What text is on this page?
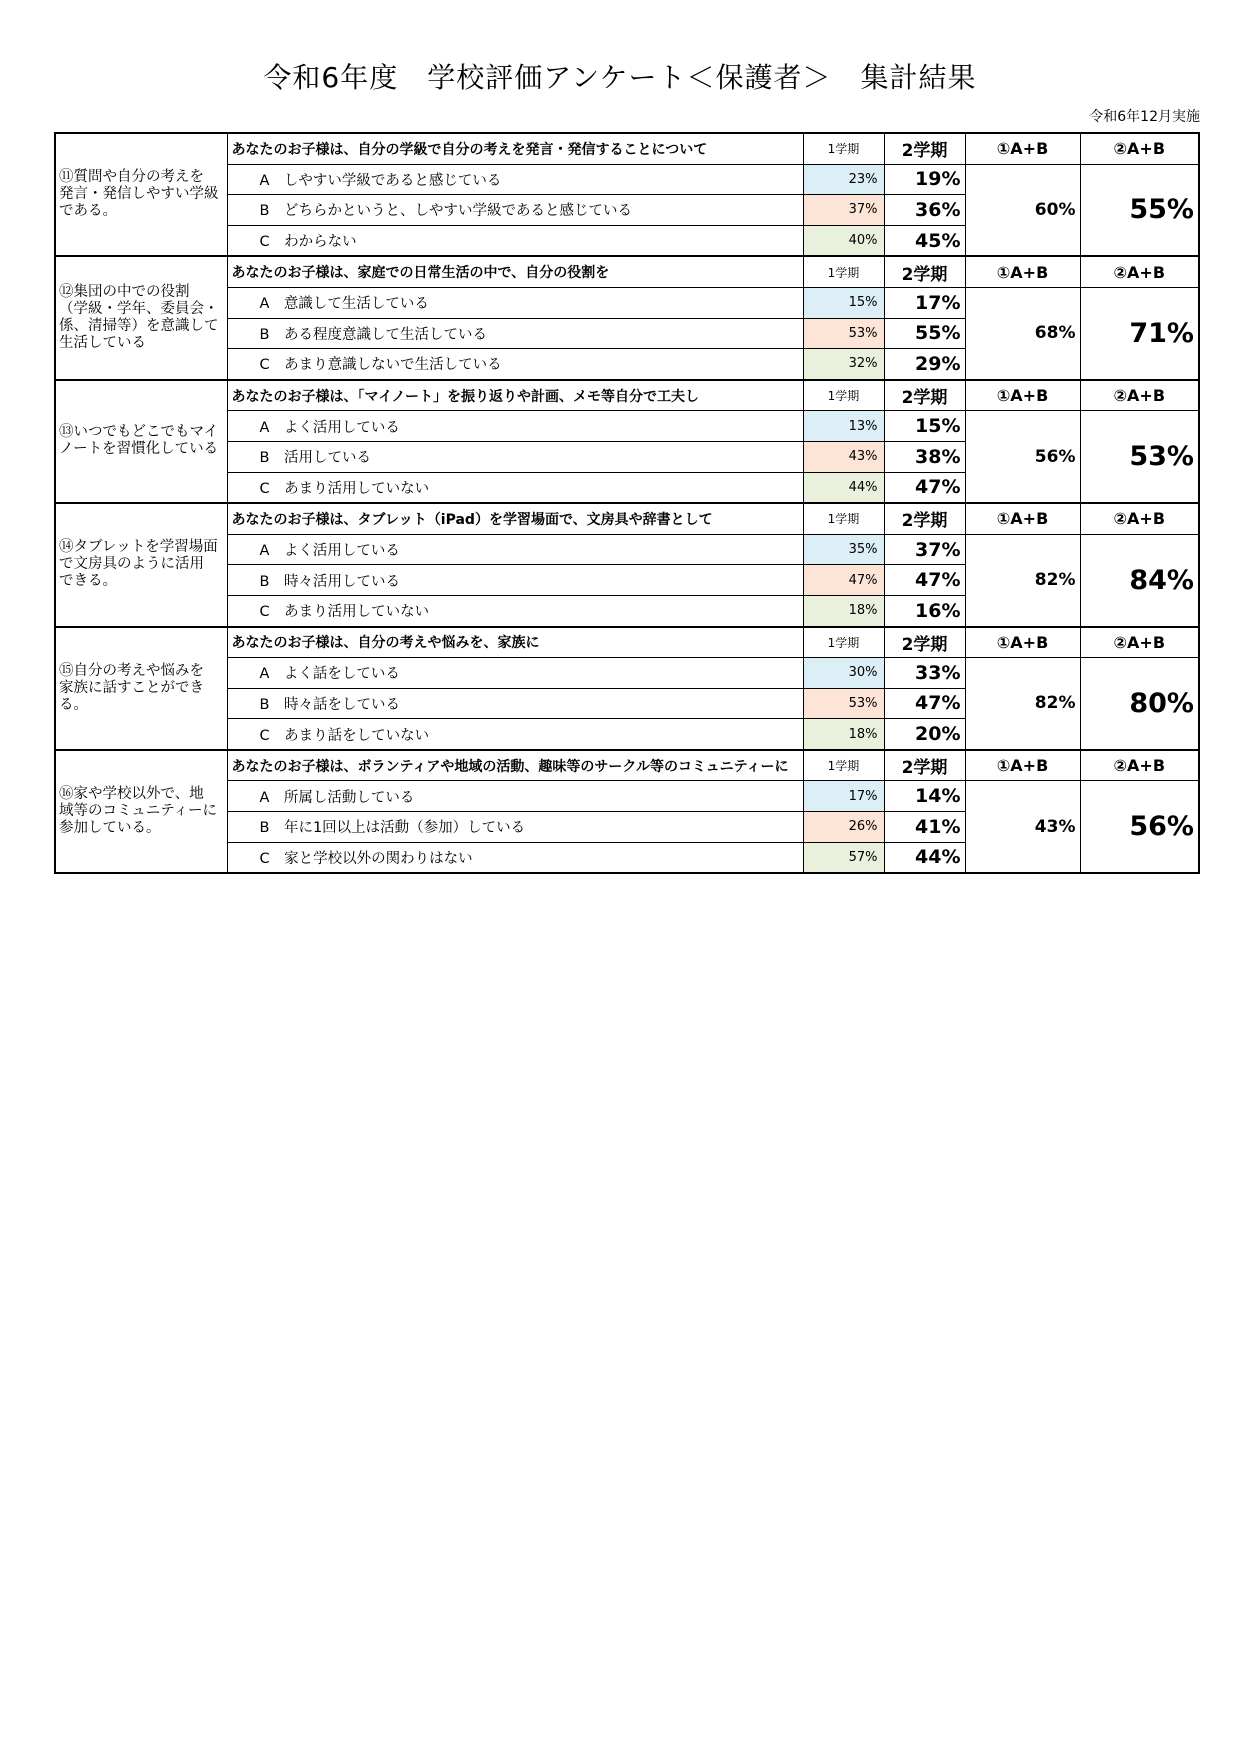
令和6年度　学校評価アンケート＜保護者＞　集計結果
令和6年12月実施
⑪質問や自分の考えを
発言・発信しやすい学級
である。	あなたのお子様は、自分の学級で自分の考えを発言・発信することについて	1学期	2学期	①A+B	②A+B
	A　しやすい学級であると感じている	23%	19%	60%	55%
	B　どちらかというと、しやすい学級であると感じている	37%	36%		
	C　わからない	40%	45%		
⑫集団の中での役割
（学級・学年、委員会・
係、清掃等）を意識して
生活している	あなたのお子様は、家庭での日常生活の中で、自分の役割を	1学期	2学期	①A+B	②A+B
	A　意識して生活している	15%	17%	68%	71%
	B　ある程度意識して生活している	53%	55%		
	C　あまり意識しないで生活している	32%	29%		
⑬いつでもどこでもマイ
ノートを習慣化している	あなたのお子様は、「マイノート」を振り返りや計画、メモ等自分で工夫し	1学期	2学期	①A+B	②A+B
	A　よく活用している	13%	15%	56%	53%
	B　活用している	43%	38%		
	C　あまり活用していない	44%	47%		
⑭タブレットを学習場面
で文房具のように活用
できる。	あなたのお子様は、タブレット（iPad）を学習場面で、文房具や辞書として	1学期	2学期	①A+B	②A+B
	A　よく活用している	35%	37%	82%	84%
	B　時々活用している	47%	47%		
	C　あまり活用していない	18%	16%		
⑮自分の考えや悩みを
家族に話すことができ
る。	あなたのお子様は、自分の考えや悩みを、家族に	1学期	2学期	①A+B	②A+B
	A　よく話をしている	30%	33%	82%	80%
	B　時々話をしている	53%	47%		
	C　あまり話をしていない	18%	20%		
⑯家や学校以外で、地
域等のコミュニティーに
参加している。	あなたのお子様は、ボランティアや地域の活動、趣味等のサークル等のコミュニティーに	1学期	2学期	①A+B	②A+B
	A　所属し活動している	17%	14%	43%	56%
	B　年に1回以上は活動（参加）している	26%	41%		
	C　家と学校以外の関わりはない	57%	44%		
